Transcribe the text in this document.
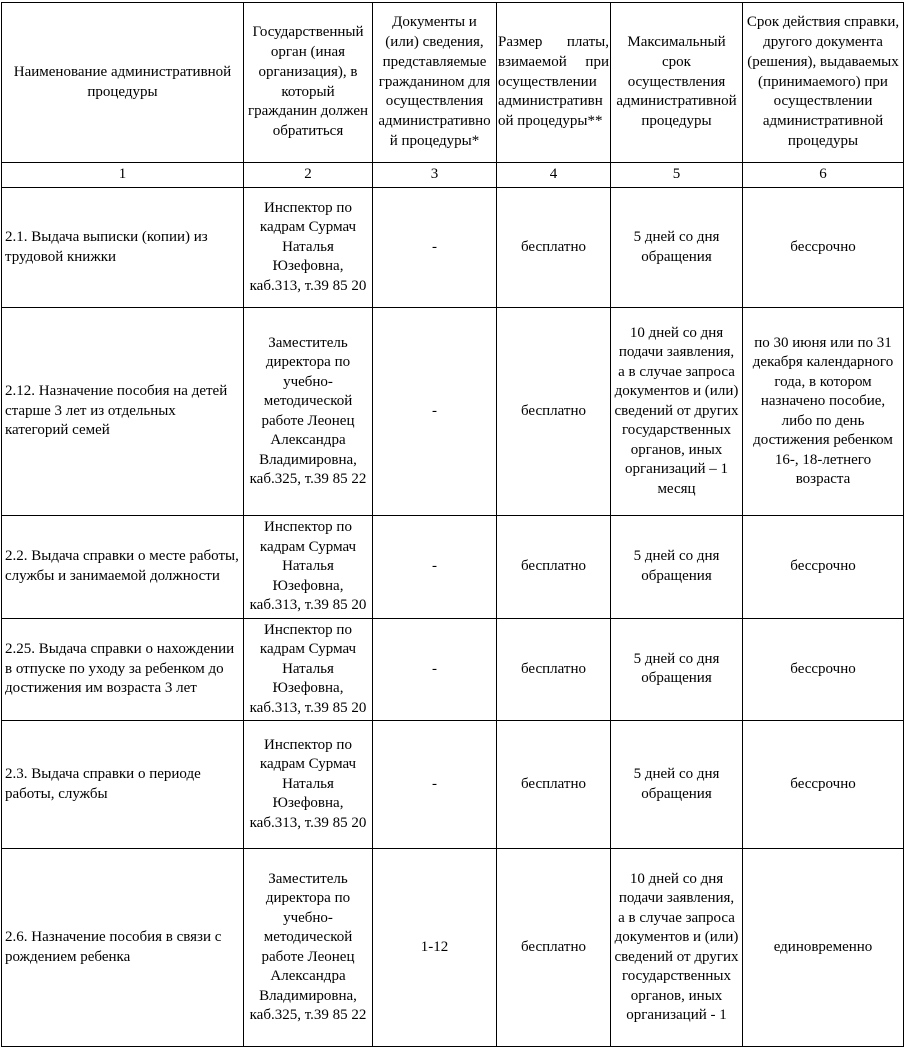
Наименование административной процедуры	Государственный орган (иная организация), в который гражданин должен обратиться	Документы и (или) сведения, представляемые гражданином для осуществления административной процедуры*	Размер платы, взимаемой при осуществлении административной процедуры**	Максимальный срок осуществления административной процедуры	Срок действия справки, другого документа (решения), выдаваемых (принимаемого) при осуществлении административной процедуры
1	2	3	4	5	6
2.1. Выдача выписки (копии) из трудовой книжки	Инспектор по кадрам Сурмач Наталья Юзефовна, каб.313, т.39 85 20	-	бесплатно	5 дней со дня обращения	бессрочно
2.12. Назначение пособия на детей старше 3 лет из отдельных категорий семей	Заместитель директора по учебно-методической работе Леонец Александра Владимировна, каб.325, т.39 85 22	-	бесплатно	10 дней со дня подачи заявления, а в случае запроса документов и (или) сведений от других государственных органов, иных организаций – 1 месяц	по 30 июня или по 31 декабря календарного года, в котором назначено пособие, либо по день достижения ребенком 16-, 18-летнего возраста
2.2. Выдача справки о месте работы, службы и занимаемой должности	Инспектор по кадрам Сурмач Наталья Юзефовна, каб.313, т.39 85 20	-	бесплатно	5 дней со дня обращения	бессрочно
2.25. Выдача справки о нахождении в отпуске по уходу за ребенком до достижения им возраста 3 лет	Инспектор по кадрам Сурмач Наталья Юзефовна, каб.313, т.39 85 20	-	бесплатно	5 дней со дня обращения	бессрочно
2.3. Выдача справки о периоде работы, службы	Инспектор по кадрам Сурмач Наталья Юзефовна, каб.313, т.39 85 20	-	бесплатно	5 дней со дня обращения	бессрочно
2.6. Назначение пособия в связи с рождением ребенка	Заместитель директора по учебно-методической работе Леонец Александра Владимировна, каб.325, т.39 85 22	1-12	бесплатно	10 дней со дня подачи заявления, а в случае запроса документов и (или) сведений от других государственных органов, иных организаций - 1	единовременно
